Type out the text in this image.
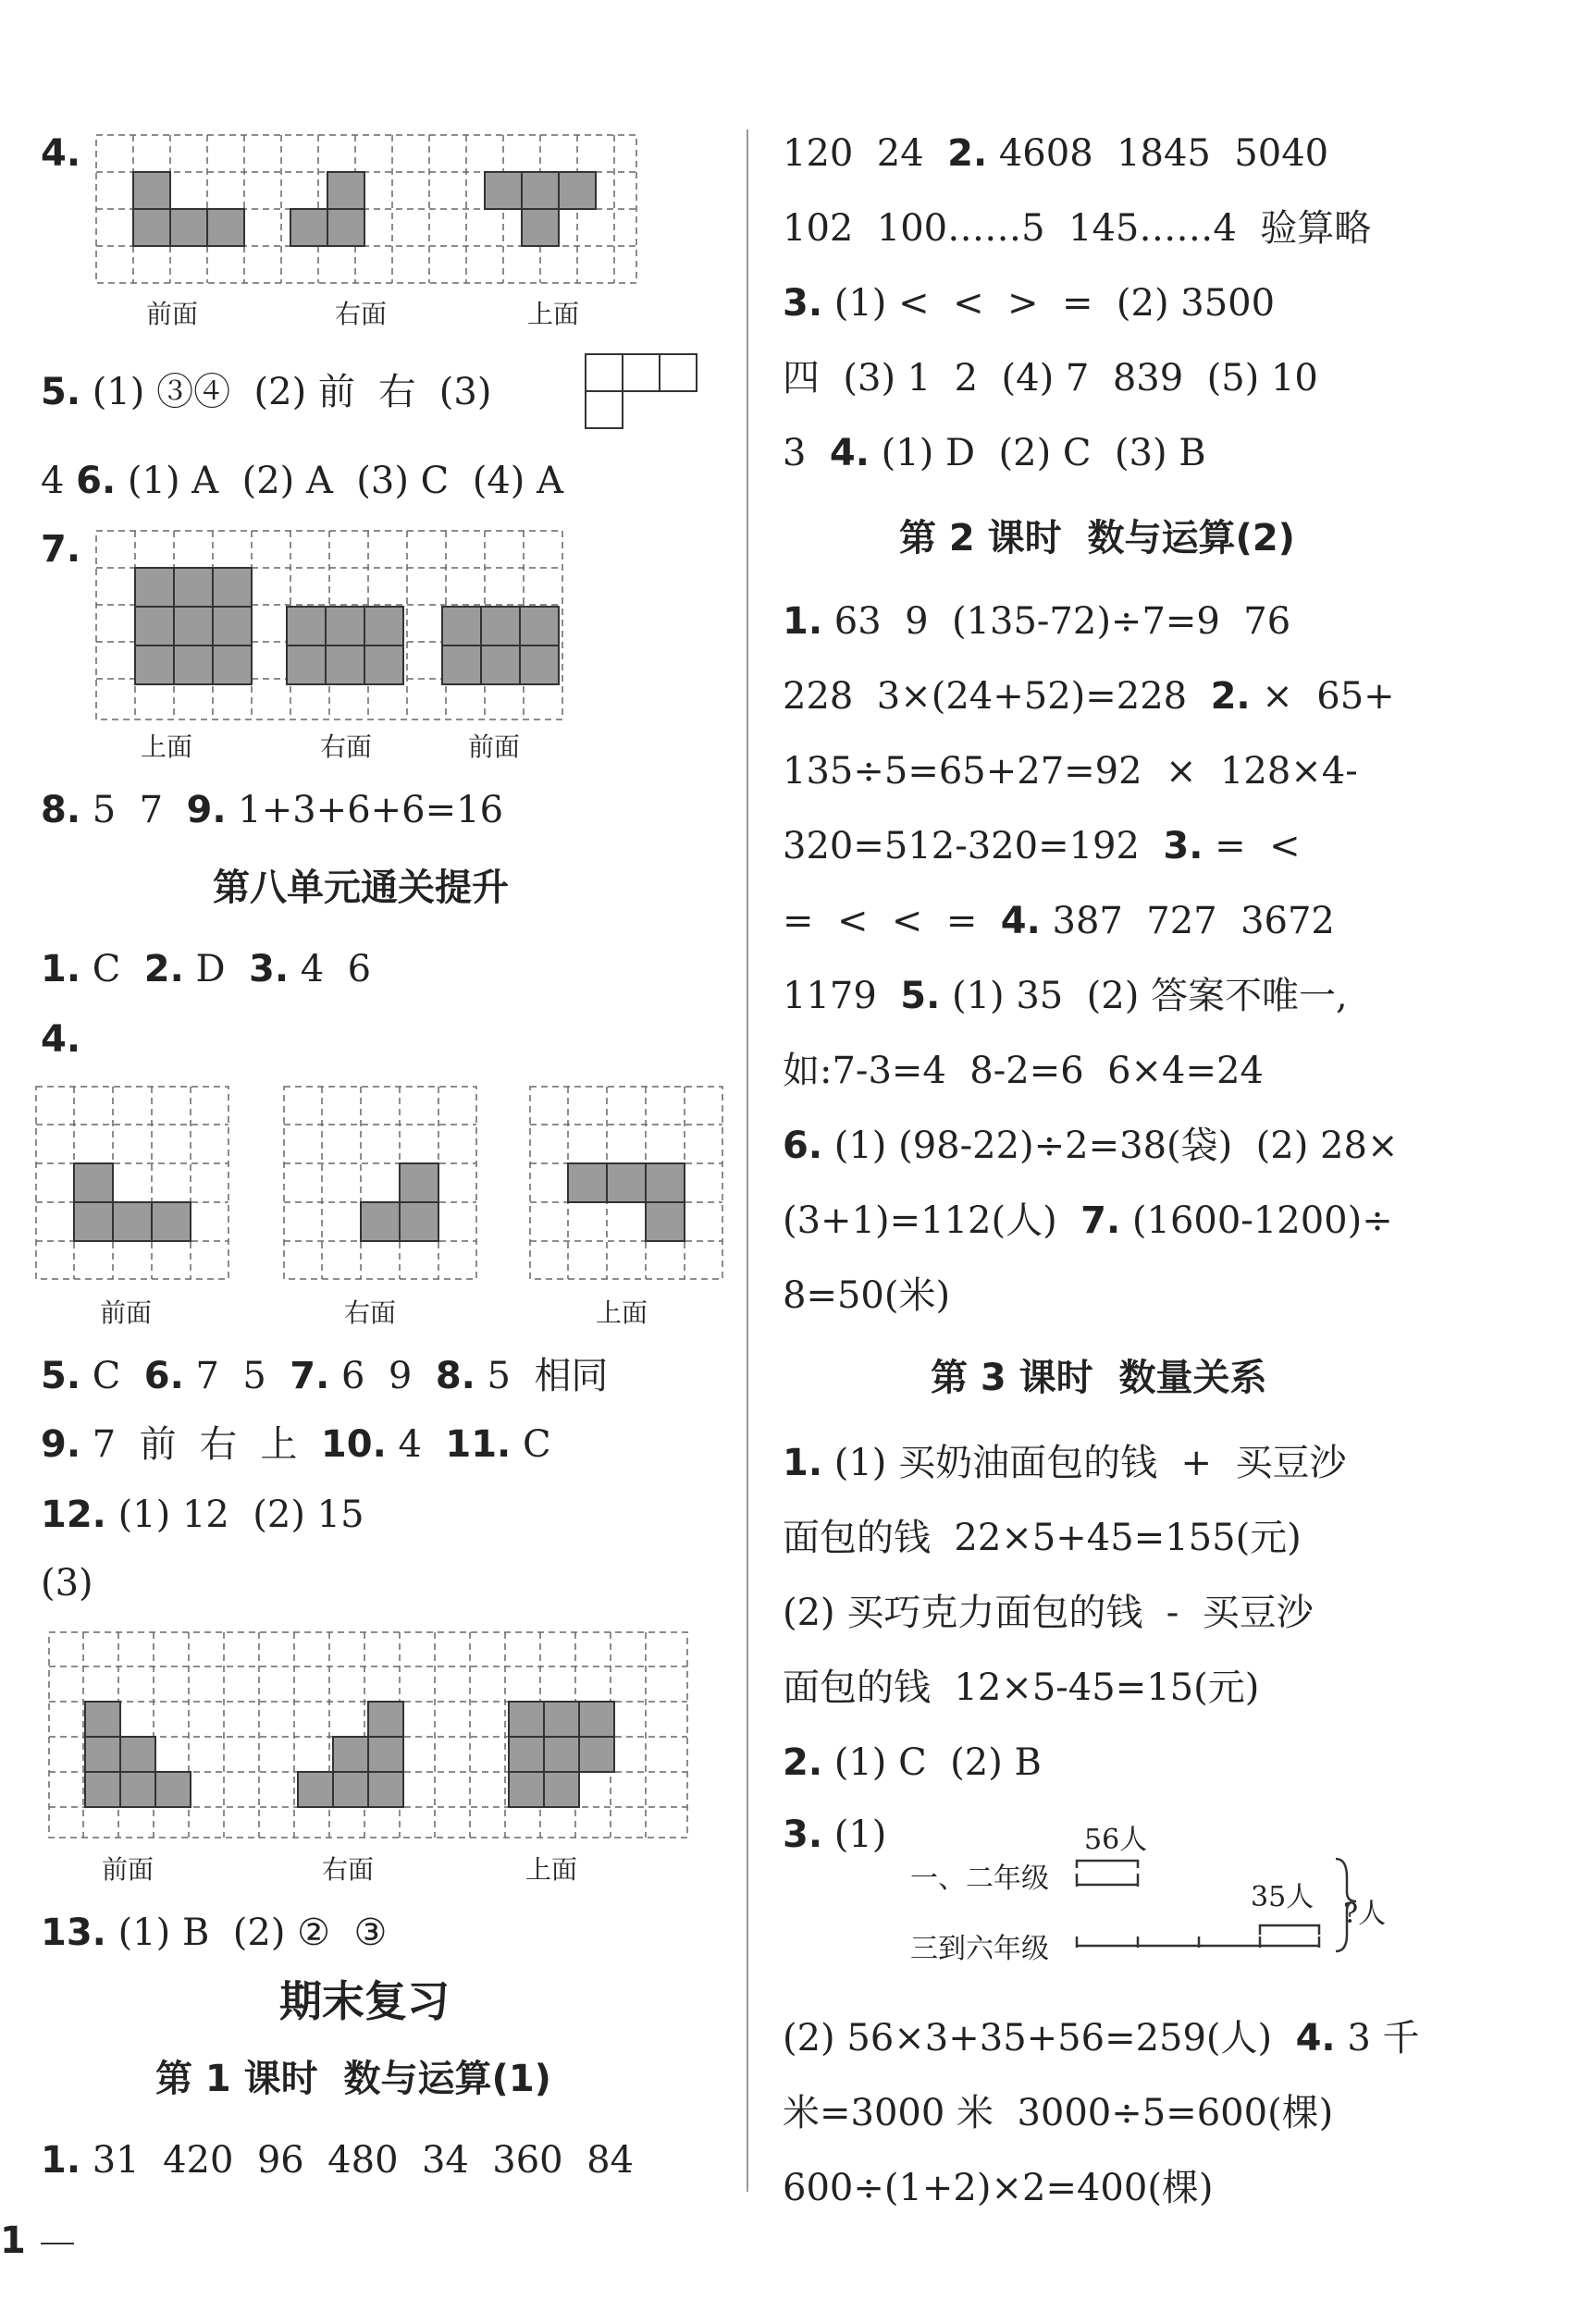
4.
前面	右面	上面
5. (1) ③④  (2) 前  右  (3)
4 6. (1) A  (2) A  (3) C  (4) A
7.
上面	右面	前面
8. 5  7  9. 1+3+6+6=16
第八单元通关提升
1. C  2. D  3. 4  6
4.
前面	右面	上面
5. C  6. 7  5  7. 6  9  8. 5  相同
9. 7  前  右  上  10. 4  11. C
12. (1) 12  (2) 15
(3)
前面	右面	上面
13. (1) B  (2) ②  ③
期末复习
第 1 课时  数与运算(1)
1. 31  420  96  480  34  360  84
1
120  24  2. 4608  1845  5040
102  100……5  145……4  验算略
3. (1) <  <  >  =  (2) 3500
四  (3) 1  2  (4) 7  839  (5) 10
3  4. (1) D  (2) C  (3) B
第 2 课时  数与运算(2)
1. 63  9  (135-72)÷7=9  76
228  3×(24+52)=228  2. ×  65+
135÷5=65+27=92  ×  128×4-
320=512-320=192  3. =  <
=  <  <  =  4. 387  727  3672
1179  5. (1) 35  (2) 答案不唯一,
如:7-3=4  8-2=6  6×4=24
6. (1) (98-22)÷2=38(袋)  (2) 28×
(3+1)=112(人)  7. (1600-1200)÷
8=50(米)
第 3 课时  数量关系
1. (1) 买奶油面包的钱  +  买豆沙
面包的钱  22×5+45=155(元)
(2) 买巧克力面包的钱  -  买豆沙
面包的钱  12×5-45=15(元)
2. (1) C  (2) B
3. (1)	56人
一、二年级
35人
?人
三到六年级
(2) 56×3+35+56=259(人)  4. 3 千
米=3000 米  3000÷5=600(棵)
600÷(1+2)×2=400(棵)
